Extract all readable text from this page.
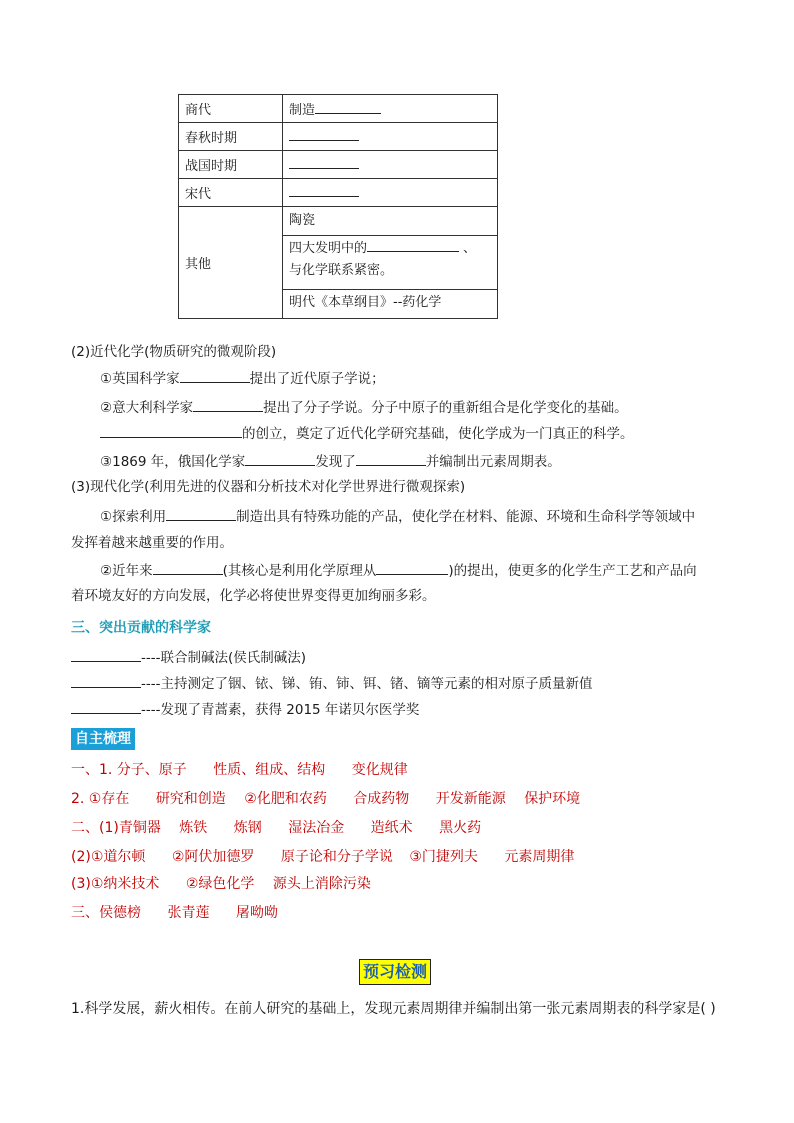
商代	制造
春秋时期	
战国时期	
宋代	
其他	陶瓷
四大发明中的 、
与化学联系紧密。
明代《本草纲目》--药化学
(2)近代化学(物质研究的微观阶段)
①英国科学家	提出了近代原子学说；
②意大利科学家	提出了分子学说。分子中原子的重新组合是化学变化的基础。
的创立，奠定了近代化学研究基础，使化学成为一门真正的科学。
③1869 年，俄国化学家	发现了	并编制出元素周期表。
(3)现代化学(利用先进的仪器和分析技术对化学世界进行微观探索)
①探索利用	制造出具有特殊功能的产品，使化学在材料、能源、环境和生命科学等领域中
发挥着越来越重要的作用。
②近年来	(其核心是利用化学原理从	)的提出，使更多的化学生产工艺和产品向
着环境友好的方向发展，化学必将使世界变得更加绚丽多彩。
三、突出贡献的科学家
----联合制碱法(侯氏制碱法)
----主持测定了铟、铱、锑、铕、铈、铒、锗、镝等元素的相对原子质量新值
----发现了青蒿素，获得 2015 年诺贝尔医学奖
自主梳理
一、1. 分子、原子 性质、组成、结构 变化规律
2. ①存在 研究和创造 ②化肥和农药 合成药物 开发新能源 保护环境
二、(1)青铜器 炼铁 炼钢 湿法冶金 造纸术 黑火药
(2)①道尔顿 ②阿伏加德罗 原子论和分子学说 ③门捷列夫 元素周期律
(3)①纳米技术 ②绿色化学 源头上消除污染
三、侯德榜 张青莲 屠呦呦
预习检测
1.科学发展，薪火相传。在前人研究的基础上，发现元素周期律并编制出第一张元素周期表的科学家是( )
